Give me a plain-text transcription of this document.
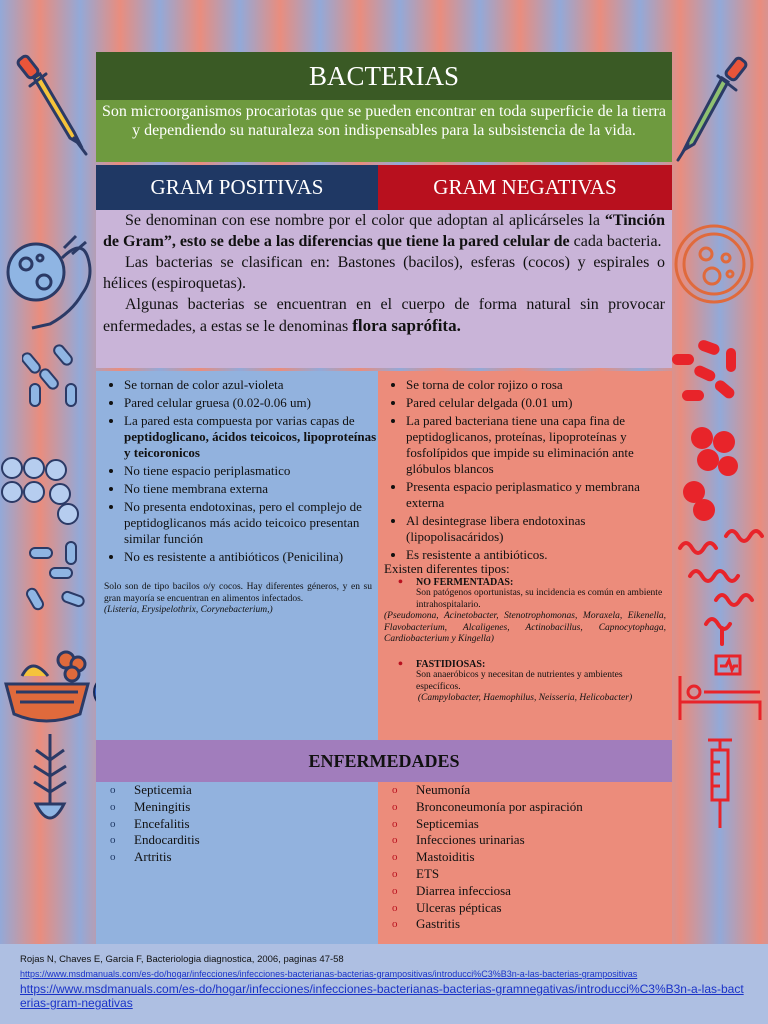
BACTERIAS
Son microorganismos procariotas que se pueden encontrar en toda superficie de la tierra y dependiendo su naturaleza son indispensables para la subsistencia de la vida.
GRAM POSITIVAS	GRAM NEGATIVAS

Se denominan con ese nombre por el color que adoptan al aplicárseles la “Tinción de Gram”, esto se debe a las diferencias que tiene la pared celular de cada bacteria.

Las bacterias se clasifican en: Bastones (bacilos), esferas (cocos) y espirales o hélices (espiroquetas).

Algunas bacterias se encuentran en el cuerpo de forma natural sin provocar enfermedades, a estas se le denominas flora saprófita.

• Se tornan de color azul-violeta
• Pared celular gruesa (0.02-0.06 um)
• La pared esta compuesta por varias capas de peptidoglicano, ácidos teicoicos, lipoproteínas y teicoronicos
• No tiene espacio periplasmatico
• No tiene membrana externa
• No presenta endotoxinas, pero el complejo de peptidoglicanos más acido teicoico presentan similar función
• No es resistente a antibióticos (Penicilina)
Solo son de tipo bacilos o/y cocos. Hay diferentes géneros, y en su gran mayoría se encuentran en alimentos infectados.
(Listeria, Erysipelothrix, Corynebacterium,)
• Se torna de color rojizo o rosa
• Pared celular delgada (0.01 um)
• La pared bacteriana tiene una capa fina de peptidoglicanos, proteínas, lipoproteínas y fosfolípidos que impide su eliminación ante glóbulos blancos
• Presenta espacio periplasmatico y membrana externa
• Al desintegrase libera endotoxinas (lipopolisacáridos)
• Es resistente a antibióticos.
Existen diferentes tipos:
• NO FERMENTADAS:
Son patógenos oportunistas, su incidencia es común en ambiente intrahospitalario.
(Pseudomona, Acinetobacter, Stenotrophomonas, Moraxela, Eikenella, Flavobacterium, Alcaligenes, Actinobacillus, Capnocytophaga, Cardiobacterium y Kingella)
• FASTIDIOSAS:
Son anaeróbicos y necesitan de nutrientes y ambientes específicos.
(Campylobacter, Haemophilus, Neisseria, Helicobacter)
ENFERMEDADES
o Septicemia
o Meningitis
o Encefalitis
o Endocarditis
o Artritis
o Neumonía
o Bronconeumonía por aspiración
o Septicemias
o Infecciones urinarias
o Mastoiditis
o ETS
o Diarrea infecciosa
o Ulceras pépticas
o Gastritis
Rojas N, Chaves E, Garcia F, Bacteriologia diagnostica, 2006, paginas 47-58
https://www.msdmanuals.com/es-do/hogar/infecciones/infecciones-bacterianas-bacterias-grampositivas/introducci%C3%B3n-a-las-bacterias-grampositivas
https://www.msdmanuals.com/es-do/hogar/infecciones/infecciones-bacterianas-bacterias-gramnegativas/introducci%C3%B3n-a-las-bacterias-gram-negativas
